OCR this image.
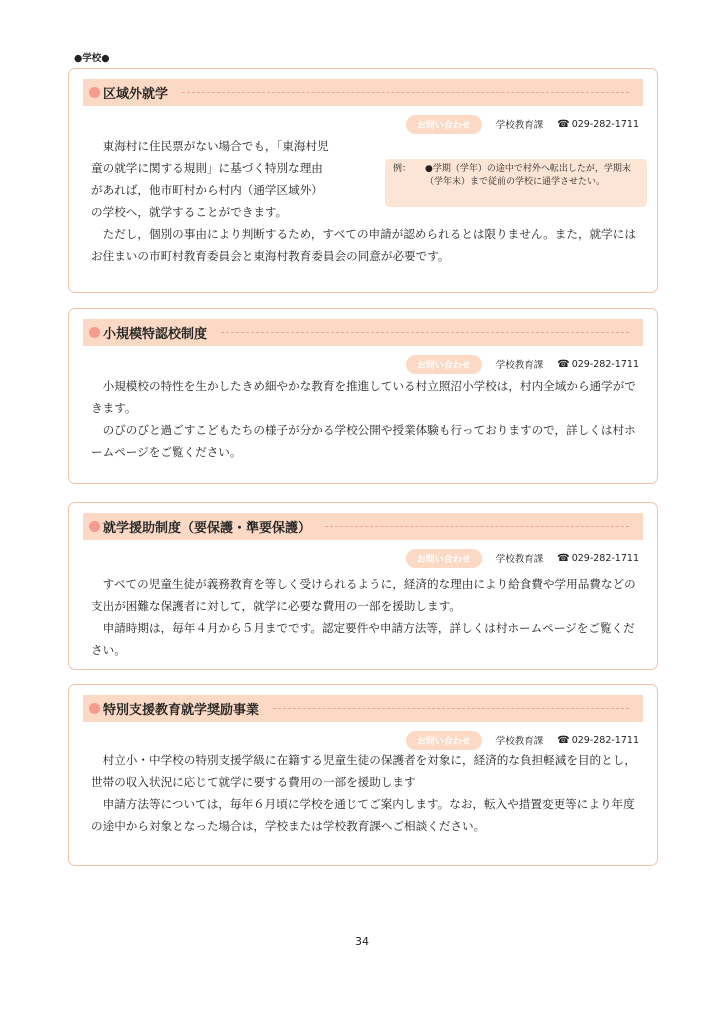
●学校●
区域外就学
お問い合わせ	学校教育課 ☎ 029-282-1711

東海村に住民票がない場合でも，「東海村児
童の就学に関する規則」に基づく特別な理由
があれば，他市町村から村内（通学区域外）
の学校へ，就学することができます。

例： ●学期（学年）の途中で村外へ転出したが，学期末（学年末）まで従前の学校に通学させたい。

ただし，個別の事由により判断するため，すべての申請が認められるとは限りません。また，就学にはお住まいの市町村教育委員会と東海村教育委員会の同意が必要です。

小規模特認校制度
お問い合わせ	学校教育課 ☎ 029-282-1711

小規模校の特性を生かしたきめ細やかな教育を推進している村立照沼小学校は，村内全域から通学ができます。

のびのびと過ごすこどもたちの様子が分かる学校公開や授業体験も行っておりますので，詳しくは村ホームページをご覧ください。

就学援助制度（要保護・準要保護）
お問い合わせ	学校教育課 ☎ 029-282-1711

すべての児童生徒が義務教育を等しく受けられるように，経済的な理由により給食費や学用品費などの支出が困難な保護者に対して，就学に必要な費用の一部を援助します。

申請時期は，毎年４月から５月までです。認定要件や申請方法等，詳しくは村ホームページをご覧ください。

特別支援教育就学奨励事業
お問い合わせ	学校教育課 ☎ 029-282-1711

村立小・中学校の特別支援学級に在籍する児童生徒の保護者を対象に，経済的な負担軽減を目的とし，世帯の収入状況に応じて就学に要する費用の一部を援助します

申請方法等については，毎年６月頃に学校を通じてご案内します。なお，転入や措置変更等により年度の途中から対象となった場合は，学校または学校教育課へご相談ください。

34
